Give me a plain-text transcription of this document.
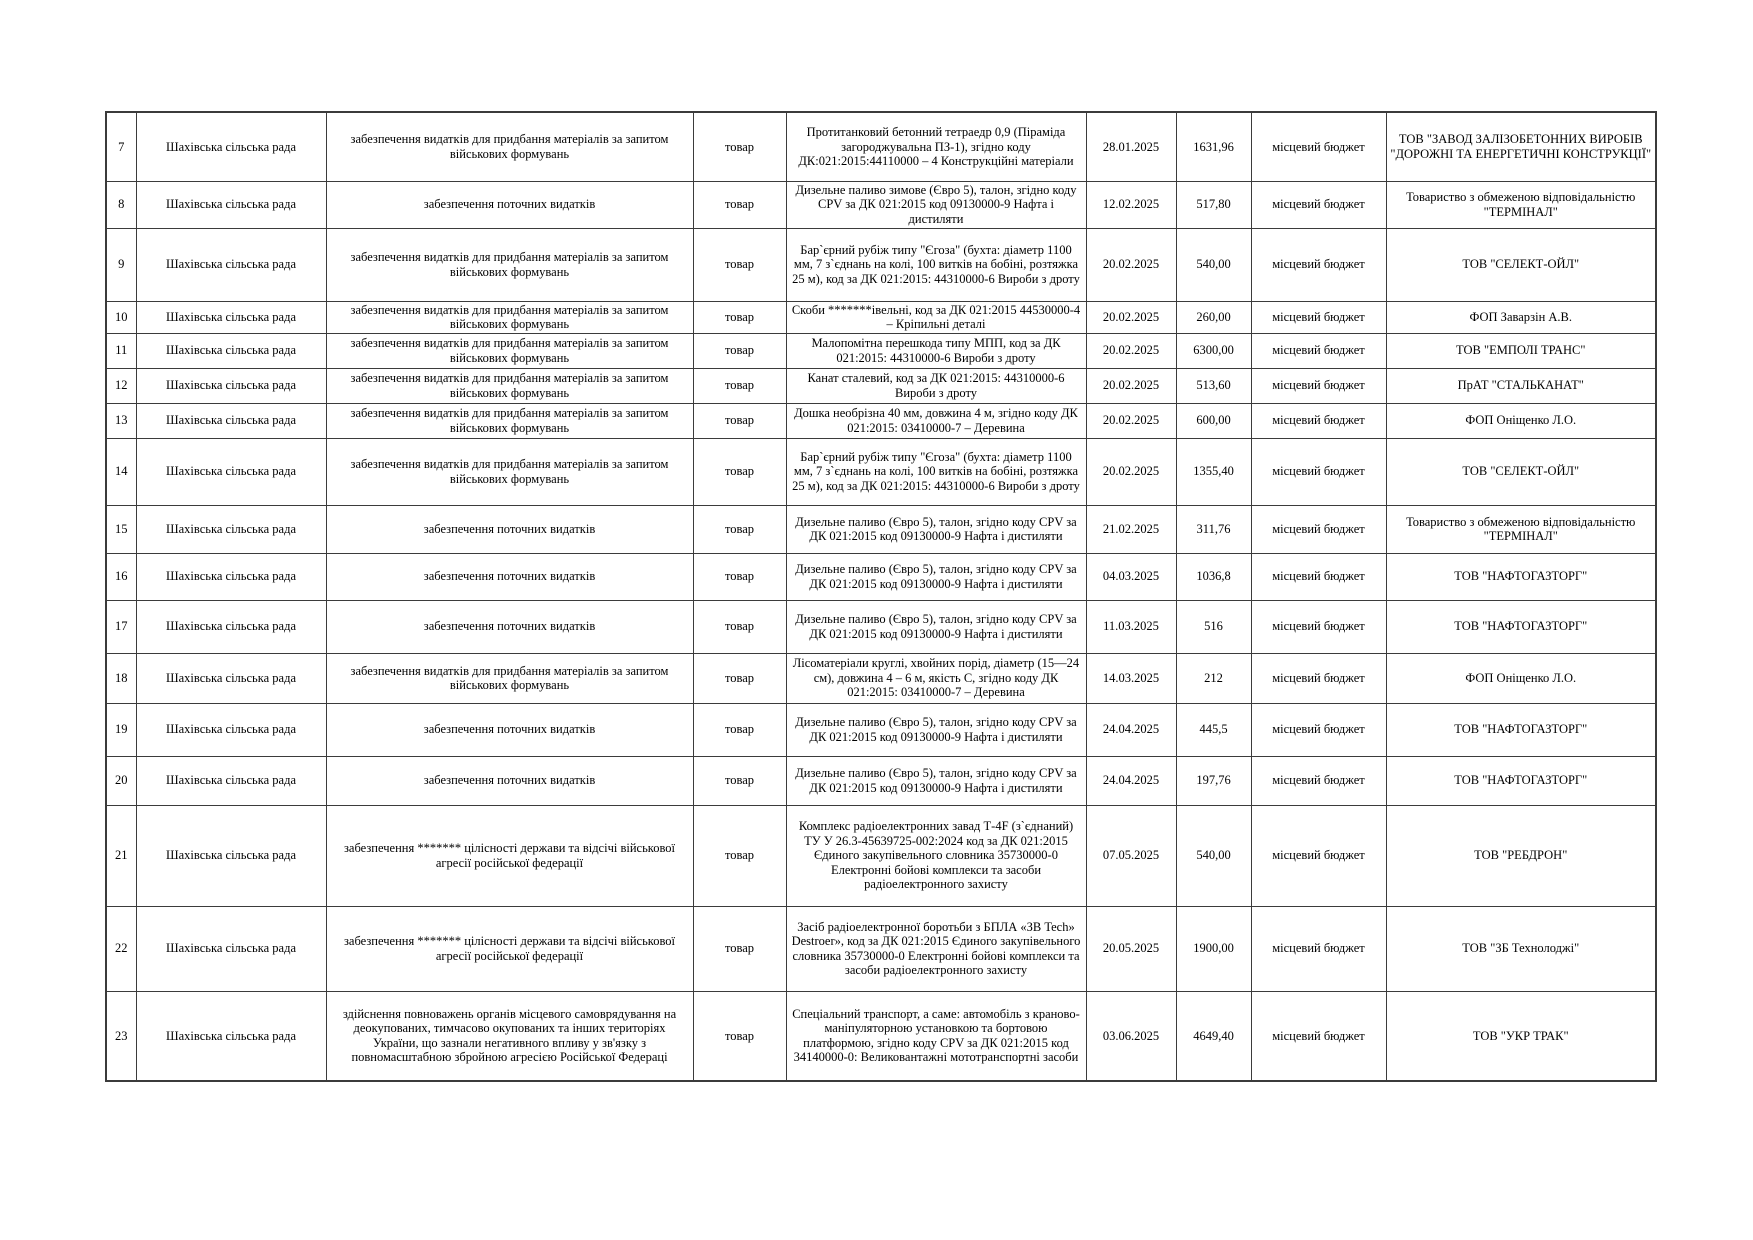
7	Шахівська сільська рада	забезпечення видатків для придбання матеріалів за запитом військових формувань	товар	Протитанковий бетонний тетраедр 0,9 (Піраміда загороджувальна ПЗ-1), згідно коду ДК:021:2015:44110000 – 4 Конструкційні матеріали	28.01.2025	1631,96	місцевий бюджет	ТОВ "ЗАВОД ЗАЛІЗОБЕТОННИХ ВИРОБІВ "ДОРОЖНІ ТА ЕНЕРГЕТИЧНІ КОНСТРУКЦІЇ"
8	Шахівська сільська рада	забезпечення поточних видатків	товар	Дизельне паливо зимове (Євро 5), талон, згідно коду CPV за ДК 021:2015 код 09130000-9 Нафта і дистиляти	12.02.2025	517,80	місцевий бюджет	Товариство з обмеженою відповідальністю "ТЕРМІНАЛ"
9	Шахівська сільська рада	забезпечення видатків для придбання матеріалів за запитом військових формувань	товар	Бар`єрний рубіж типу "Єгоза" (бухта: діаметр 1100 мм, 7 з`єднань на колі, 100 витків на бобіні, розтяжка 25 м), код за ДК 021:2015: 44310000-6 Вироби з дроту	20.02.2025	540,00	місцевий бюджет	ТОВ "СЕЛЕКТ-ОЙЛ"
10	Шахівська сільська рада	забезпечення видатків для придбання матеріалів за запитом військових формувань	товар	Скоби *******івельні, код за ДК 021:2015 44530000-4 – Кріпильні деталі	20.02.2025	260,00	місцевий бюджет	ФОП Заварзін А.В.
11	Шахівська сільська рада	забезпечення видатків для придбання матеріалів за запитом військових формувань	товар	Малопомітна перешкода типу МПП, код за ДК 021:2015: 44310000-6 Вироби з дроту	20.02.2025	6300,00	місцевий бюджет	ТОВ "ЕМПОЛІ ТРАНС"
12	Шахівська сільська рада	забезпечення видатків для придбання матеріалів за запитом військових формувань	товар	Канат сталевий, код за ДК 021:2015: 44310000-6 Вироби з дроту	20.02.2025	513,60	місцевий бюджет	ПрАТ "СТАЛЬКАНАТ"
13	Шахівська сільська рада	забезпечення видатків для придбання матеріалів за запитом військових формувань	товар	Дошка необрізна 40 мм, довжина 4 м, згідно коду ДК 021:2015: 03410000-7 – Деревина	20.02.2025	600,00	місцевий бюджет	ФОП Оніщенко Л.О.
14	Шахівська сільська рада	забезпечення видатків для придбання матеріалів за запитом військових формувань	товар	Бар`єрний рубіж типу "Єгоза" (бухта: діаметр 1100 мм, 7 з`єднань на колі, 100 витків на бобіні, розтяжка 25 м), код за ДК 021:2015: 44310000-6 Вироби з дроту	20.02.2025	1355,40	місцевий бюджет	ТОВ "СЕЛЕКТ-ОЙЛ"
15	Шахівська сільська рада	забезпечення поточних видатків	товар	Дизельне паливо (Євро 5), талон, згідно коду CPV за ДК 021:2015 код 09130000-9 Нафта і дистиляти	21.02.2025	311,76	місцевий бюджет	Товариство з обмеженою відповідальністю "ТЕРМІНАЛ"
16	Шахівська сільська рада	забезпечення поточних видатків	товар	Дизельне паливо (Євро 5), талон, згідно коду CPV за ДК 021:2015 код 09130000-9 Нафта і дистиляти	04.03.2025	1036,8	місцевий бюджет	ТОВ "НАФТОГАЗТОРГ"
17	Шахівська сільська рада	забезпечення поточних видатків	товар	Дизельне паливо (Євро 5), талон, згідно коду CPV за ДК 021:2015 код 09130000-9 Нафта і дистиляти	11.03.2025	516	місцевий бюджет	ТОВ "НАФТОГАЗТОРГ"
18	Шахівська сільська рада	забезпечення видатків для придбання матеріалів за запитом військових формувань	товар	Лісоматеріали круглі, хвойних порід, діаметр (15—24 см), довжина 4 – 6 м, якість С, згідно коду ДК 021:2015: 03410000-7 – Деревина	14.03.2025	212	місцевий бюджет	ФОП Оніщенко Л.О.
19	Шахівська сільська рада	забезпечення поточних видатків	товар	Дизельне паливо (Євро 5), талон, згідно коду CPV за ДК 021:2015 код 09130000-9 Нафта і дистиляти	24.04.2025	445,5	місцевий бюджет	ТОВ "НАФТОГАЗТОРГ"
20	Шахівська сільська рада	забезпечення поточних видатків	товар	Дизельне паливо (Євро 5), талон, згідно коду CPV за ДК 021:2015 код 09130000-9 Нафта і дистиляти	24.04.2025	197,76	місцевий бюджет	ТОВ "НАФТОГАЗТОРГ"
21	Шахівська сільська рада	забезпечення ******* цілісності держави та відсічі військової агресії російської федерації	товар	Комплекс радіоелектронних завад Т-4F (з`єднаний) ТУ У 26.3-45639725-002:2024 код за ДК 021:2015 Єдиного закупівельного словника 35730000-0 Електронні бойові комплекси та засоби радіоелектронного захисту	07.05.2025	540,00	місцевий бюджет	ТОВ "РЕБДРОН"
22	Шахівська сільська рада	забезпечення ******* цілісності держави та відсічі військової агресії російської федерації	товар	Засіб радіоелектронної боротьби з БПЛА «ЗВ Tech» Destroer», код за ДК 021:2015 Єдиного закупівельного словника 35730000-0 Електронні бойові комплекси та засоби радіоелектронного захисту	20.05.2025	1900,00	місцевий бюджет	ТОВ "ЗБ Технолоджі"
23	Шахівська сільська рада	здійснення повноважень органів місцевого самоврядування на деокупованих, тимчасово окупованих та інших територіях України, що зазнали негативного впливу у зв'язку з повномасштабною збройною агресією Російської Федераці	товар	Спеціальний транспорт, а саме: автомобіль з краново-маніпуляторною установкою та бортовою платформою, згідно коду CPV за ДК 021:2015 код 34140000-0: Великовантажні мототранспортні засоби	03.06.2025	4649,40	місцевий бюджет	ТОВ "УКР ТРАК"
